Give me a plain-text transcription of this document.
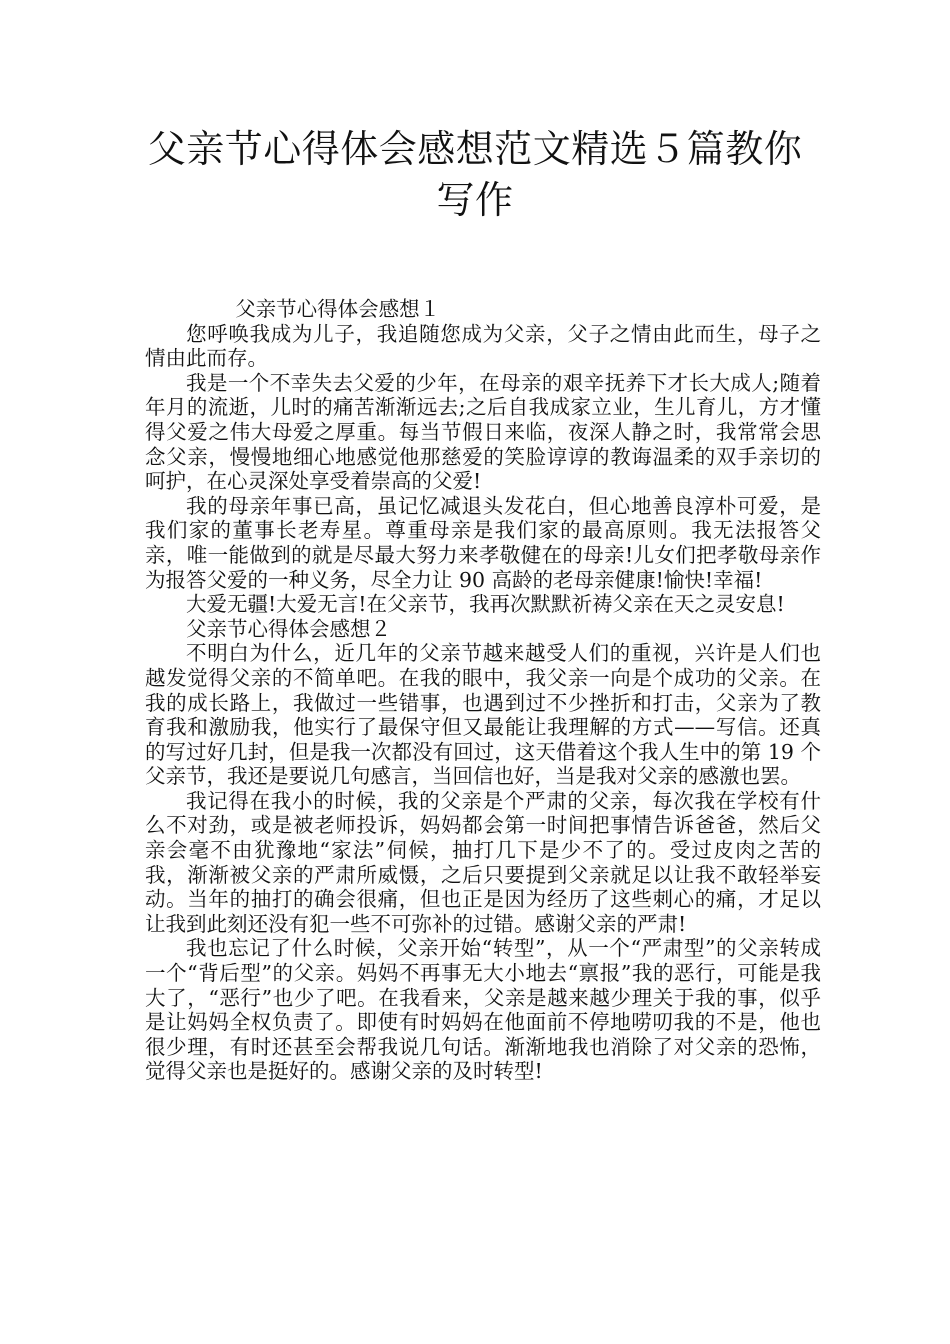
父亲节心得体会感想范文精选５篇教你
写作

父亲节心得体会感想１

您呼唤我成为儿子，我追随您成为父亲，父子之情由此而生，母子之情由此而存。

我是一个不幸失去父爱的少年，在母亲的艰辛抚养下才长大成人;随着年月的流逝，儿时的痛苦渐渐远去;之后自我成家立业，生儿育儿，方才懂得父爱之伟大母爱之厚重。每当节假日来临，夜深人静之时，我常常会思念父亲，慢慢地细心地感觉他那慈爱的笑脸谆谆的教诲温柔的双手亲切的呵护，在心灵深处享受着崇高的父爱!

我的母亲年事已高，虽记忆减退头发花白，但心地善良淳朴可爱，是我们家的董事长老寿星。尊重母亲是我们家的最高原则。我无法报答父亲，唯一能做到的就是尽最大努力来孝敬健在的母亲!儿女们把孝敬母亲作为报答父爱的一种义务，尽全力让 90 高龄的老母亲健康!愉快!幸福!

大爱无疆!大爱无言!在父亲节，我再次默默祈祷父亲在天之灵安息!

父亲节心得体会感想２

不明白为什么，近几年的父亲节越来越受人们的重视，兴许是人们也越发觉得父亲的不简单吧。在我的眼中，我父亲一向是个成功的父亲。在我的成长路上，我做过一些错事，也遇到过不少挫折和打击，父亲为了教育我和激励我，他实行了最保守但又最能让我理解的方式——写信。还真的写过好几封，但是我一次都没有回过，这天借着这个我人生中的第 19 个父亲节，我还是要说几句感言，当回信也好，当是我对父亲的感激也罢。

我记得在我小的时候，我的父亲是个严肃的父亲，每次我在学校有什么不对劲，或是被老师投诉，妈妈都会第一时间把事情告诉爸爸，然后父亲会毫不由犹豫地“家法”伺候，抽打几下是少不了的。受过皮肉之苦的我，渐渐被父亲的严肃所威慑，之后只要提到父亲就足以让我不敢轻举妄动。当年的抽打的确会很痛，但也正是因为经历了这些刺心的痛，才足以让我到此刻还没有犯一些不可弥补的过错。感谢父亲的严肃!

我也忘记了什么时候，父亲开始“转型”，从一个“严肃型”的父亲转成一个“背后型”的父亲。妈妈不再事无大小地去“禀报”我的恶行，可能是我大了，“恶行”也少了吧。在我看来，父亲是越来越少理关于我的事，似乎是让妈妈全权负责了。即使有时妈妈在他面前不停地唠叨我的不是，他也很少理，有时还甚至会帮我说几句话。渐渐地我也消除了对父亲的恐怖，觉得父亲也是挺好的。感谢父亲的及时转型!
